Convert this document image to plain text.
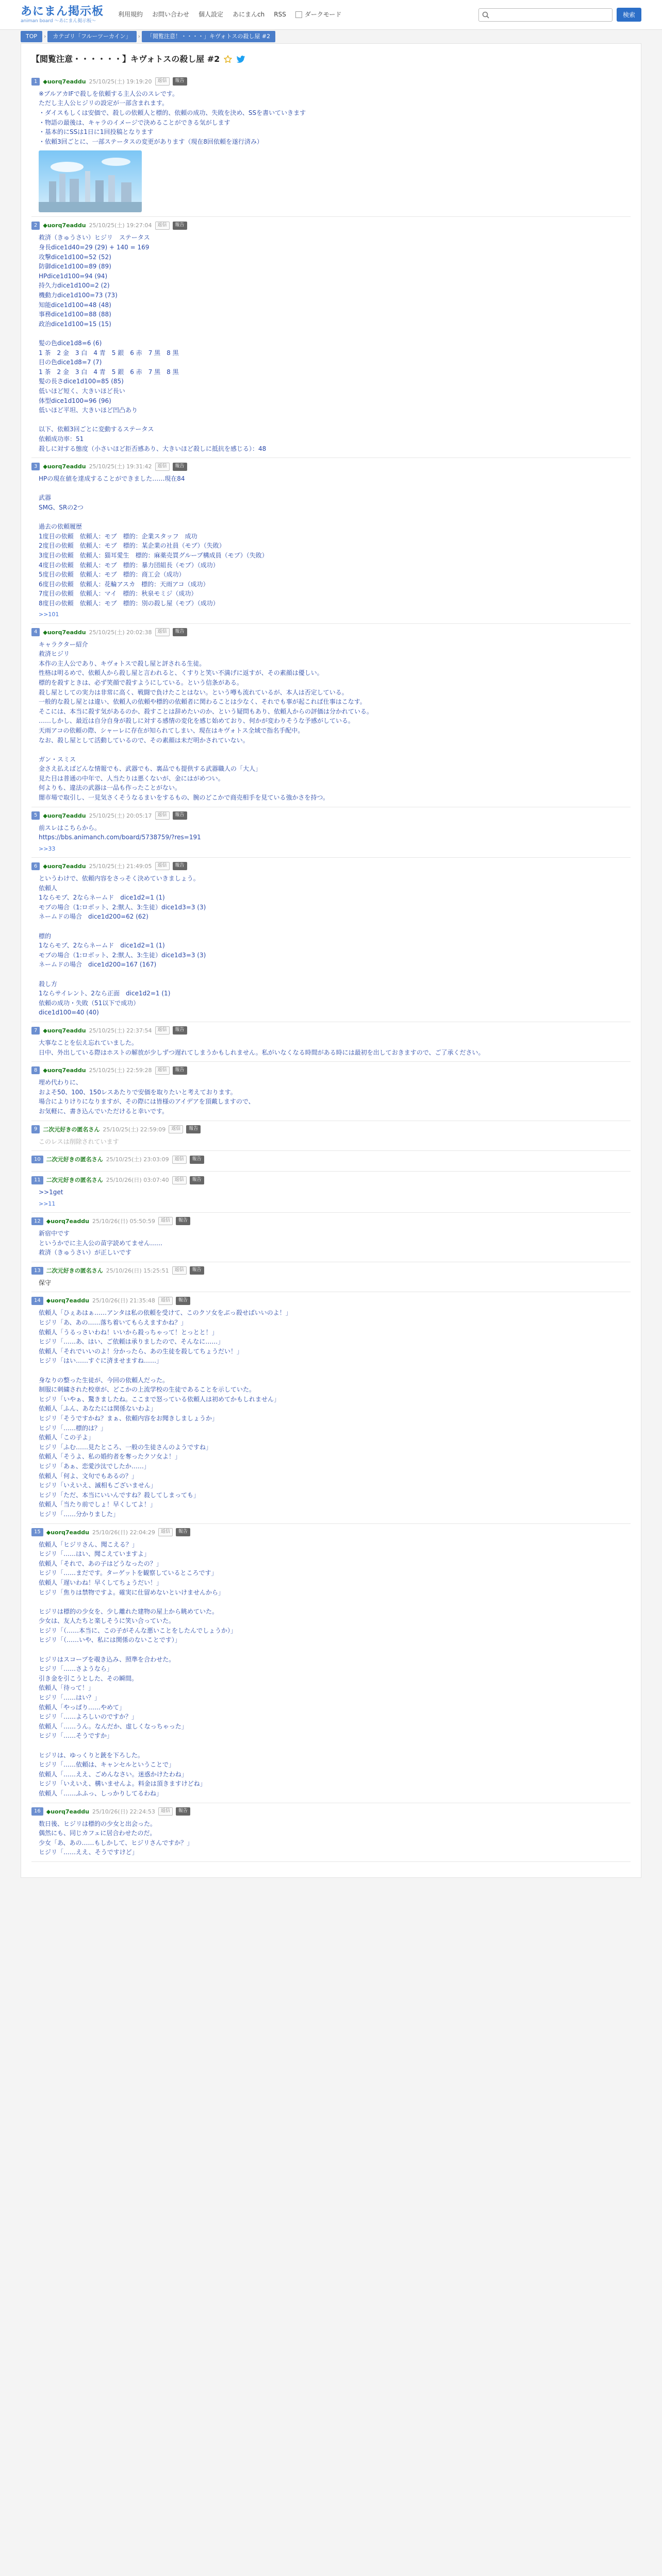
あにまん掲示板
animan board ～あにまん掲示板～
利用規約 お問い合わせ 個人設定 あにまんch RSS	ダークモード	検索
TOP	›	カテゴリ「フルーツーカイン」	›	「閲覧注意！・・・・」キヴォトスの殺し屋 #2
【閲覧注意・・・・・・】キヴォトスの殺し屋 #2
1	◆uorq7eaddu 25/10/25(土) 19:19:20	返信	報告
※ブルアカIFで殺しを依頼する主人公のスレです。
ただし主人公ヒジリの設定が一部含まれます。
・ダイスもしくは安価で、殺しの依頼人と標的、依頼の成功、失敗を決め、SSを書いていきます
・物語の最後は、キャラのイメージで決めることができる気がします
・基本的にSSは1日に1回投稿となります
・依頼3回ごとに、一部ステータスの変更があります（現在8回依頼を遂行済み）
2	◆uorq7eaddu 25/10/25(土) 19:27:04	返信	報告
救済（きゅうさい）ヒジリ　ステータス
身長dice1d40=29 (29) + 140 = 169
攻撃dice1d100=52 (52)
防御dice1d100=89 (89)
HPdice1d100=94 (94)
持久力dice1d100=2 (2)
機動力dice1d100=73 (73)
知能dice1d100=48 (48)
事務dice1d100=88 (88)
政治dice1d100=15 (15)

髪の色dice1d8=6 (6)
1 茶　2 金　3 白　4 青　5 銀　6 赤　7 黒　8 黒
目の色dice1d8=7 (7)
1 茶　2 金　3 白　4 青　5 銀　6 赤　7 黒　8 黒
髪の長さdice1d100=85 (85)
低いほど短く、大きいほど長い
体型dice1d100=96 (96)
低いほど平坦、大きいほど凹凸あり

以下、依頼3回ごとに変動するステータス
依頼成功率：51
殺しに対する態度（小さいほど拒否感あり、大きいほど殺しに抵抗を感じる）：48
3	◆uorq7eaddu 25/10/25(土) 19:31:42	返信	報告
HPの現在値を達成することができました……現在84

武器
SMG、SRの2つ

過去の依頼履歴
1度目の依頼　依頼人：モブ　標的：企業スタッフ　成功
2度目の依頼　依頼人：モブ　標的：某企業の社員（モブ）（失敗）
3度目の依頼　依頼人：猫耳愛生　標的：麻薬売買グループ構成員（モブ）（失敗）
4度目の依頼　依頼人：モブ　標的：暴力団組長（モブ）（成功）
5度目の依頼　依頼人：モブ　標的：商工会（成功）
6度目の依頼　依頼人：花輪アスカ　標的：天雨アコ（成功）
7度目の依頼　依頼人：マイ　標的：秋泉モミジ（成功）
8度目の依頼　依頼人：モブ　標的：別の殺し屋（モブ）（成功）
>>101
4	◆uorq7eaddu 25/10/25(土) 20:02:38	返信	報告
キャラクター紹介
救済ヒジリ
本作の主人公であり、キヴォトスで殺し屋と評される生徒。
性格は明るめで、依頼人から殺し屋と言われると、くすりと笑い不満げに返すが、その素顔は優しい。
標的を殺すときは、必ず笑顔で殺すようにしている。という信条がある。
殺し屋としての実力は非常に高く、戦闘で負けたことはない。という噂も流れているが、本人は否定している。
一般的な殺し屋とは違い、依頼人の依頼や標的の依頼者に関わることは少なく、それでも事が起これば仕事はこなす。
そこには、本当に殺す気があるのか、殺すことは辞めたいのか、という疑問もあり、依頼人からの評価は分かれている。
……しかし、最近は自分自身が殺しに対する感情の変化を感じ始めており、何かが変わりそうな予感がしている。
天雨アコの依頼の際、シャーレに存在が知られてしまい、現在はキヴォトス全域で指名手配中。
なお、殺し屋として活動しているので、その素顔は未だ明かされていない。

ガン・スミス
金さえ払えばどんな情報でも、武器でも、裏品でも提供する武器職人の「大人」
見た目は普通の中年で、人当たりは悪くないが、金にはがめつい。
何よりも、違法の武器は一品も作ったことがない。
闇市場で取引し、一見気さくそうなるまいをするもの、腕のどこかで商売相手を見ている強かさを持つ。
5	◆uorq7eaddu 25/10/25(土) 20:05:17	返信	報告
前スレはこちらから。
https://bbs.animanch.com/board/5738759/?res=191
>>33
6	◆uorq7eaddu 25/10/25(土) 21:49:05	返信	報告
というわけで、依頼内容をさっそく決めていきましょう。
依頼人
1ならモブ、2ならネームド　dice1d2=1 (1)
モブの場合（1:ロボット、2:獣人、3:生徒）dice1d3=3 (3)
ネームドの場合　dice1d200=62 (62)

標的
1ならモブ、2ならネームド　dice1d2=1 (1)
モブの場合（1:ロボット、2:獣人、3:生徒）dice1d3=3 (3)
ネームドの場合　dice1d200=167 (167)

殺し方
1ならサイレント、2なら正面　dice1d2=1 (1)
依頼の成功・失敗（51以下で成功）
dice1d100=40 (40)
7	◆uorq7eaddu 25/10/25(土) 22:37:54	返信	報告
大事なことを伝え忘れていました。
日中、外出している際はホストの解放が少しずつ遅れてしまうかもしれません。私がいなくなる時間がある時には最初を出しておきますので、ご了承ください。
8	◆uorq7eaddu 25/10/25(土) 22:59:28	返信	報告
埋め代わりに、
およそ50、100、150レスあたりで安価を取りたいと考えております。
場合によりけりになりますが、その際には皆様のアイデアを頂戴しますので、
お気軽に、書き込んでいただけると幸いです。
9	二次元好きの匿名さん 25/10/25(土) 22:59:09	返信	報告
このレスは削除されています
10	二次元好きの匿名さん 25/10/25(土) 23:03:09	返信	報告
11	二次元好きの匿名さん 25/10/26(日) 03:07:40	返信	報告
>>1get
>>11
12	◆uorq7eaddu 25/10/26(日) 05:50:59	返信	報告
新宿中です
というかでに主人公の苗字読めてません……
救済（きゅうさい）が正しいです
13	二次元好きの匿名さん 25/10/26(日) 15:25:51	返信	報告
保守
14	◆uorq7eaddu 25/10/26(日) 21:35:48	返信	報告
依頼人「ひぇあはぁ……アンタは私の依頼を受けて、このクソ女をぶっ殺せばいいのよ！」
ヒジリ「あ、あの……落ち着いてもらえますかね？」
依頼人「うるっさいわね！いいから殺っちゃって！とっとと！」
ヒジリ「……あ、はい、ご依頼は承りましたので、そんなに……」
依頼人「それでいいのよ！分かったら、あの生徒を殺してちょうだい！」
ヒジリ「はい……すぐに済ませますね……」

身なりの整った生徒が、今回の依頼人だった。
制服に刺繍された校章が、どこかの上流学校の生徒であることを示していた。
ヒジリ「いやぁ、驚きましたね。ここまで怒っている依頼人は初めてかもしれません」
依頼人「ふん、あなたには関係ないわよ」
ヒジリ「そうですかね？まぁ、依頼内容をお聞きしましょうか」
ヒジリ「……標的は？」
依頼人「この子よ」
ヒジリ「ふむ……見たところ、一般の生徒さんのようですね」
依頼人「そうよ、私の婚約者を奪ったクソ女よ！」
ヒジリ「あぁ、恋愛沙汰でしたか……」
依頼人「何よ、文句でもあるの？」
ヒジリ「いえいえ、滅相もございません」
ヒジリ「ただ、本当にいいんですね？殺してしまっても」
依頼人「当たり前でしょ！早くしてよ！」
ヒジリ「……分かりました」
15	◆uorq7eaddu 25/10/26(日) 22:04:29	返信	報告
依頼人「ヒジリさん、聞こえる？」
ヒジリ「……はい、聞こえていますよ」
依頼人「それで、あの子はどうなったの？」
ヒジリ「……まだです。ターゲットを観察しているところです」
依頼人「遅いわね！早くしてちょうだい！」
ヒジリ「焦りは禁物ですよ。確実に仕留めないといけませんから」

ヒジリは標的の少女を、少し離れた建物の屋上から眺めていた。
少女は、友人たちと楽しそうに笑い合っていた。
ヒジリ「（……本当に、この子がそんな悪いことをしたんでしょうか）」
ヒジリ「（……いや、私には関係のないことです）」

ヒジリはスコープを覗き込み、照準を合わせた。
ヒジリ「……さようなら」
引き金を引こうとした、その瞬間。
依頼人「待って！」
ヒジリ「……はい？」
依頼人「やっぱり……やめて」
ヒジリ「……よろしいのですか？」
依頼人「……うん。なんだか、虚しくなっちゃった」
ヒジリ「……そうですか」

ヒジリは、ゆっくりと銃を下ろした。
ヒジリ「……依頼は、キャンセルということで」
依頼人「……ええ、ごめんなさい。迷惑かけたわね」
ヒジリ「いえいえ、構いませんよ。料金は頂きますけどね」
依頼人「……ふふっ、しっかりしてるわね」
16	◆uorq7eaddu 25/10/26(日) 22:24:53	返信	報告
数日後、ヒジリは標的の少女と出会った。
偶然にも、同じカフェに居合わせたのだ。
少女「あ、あの……もしかして、ヒジリさんですか？」
ヒジリ「……ええ、そうですけど」
